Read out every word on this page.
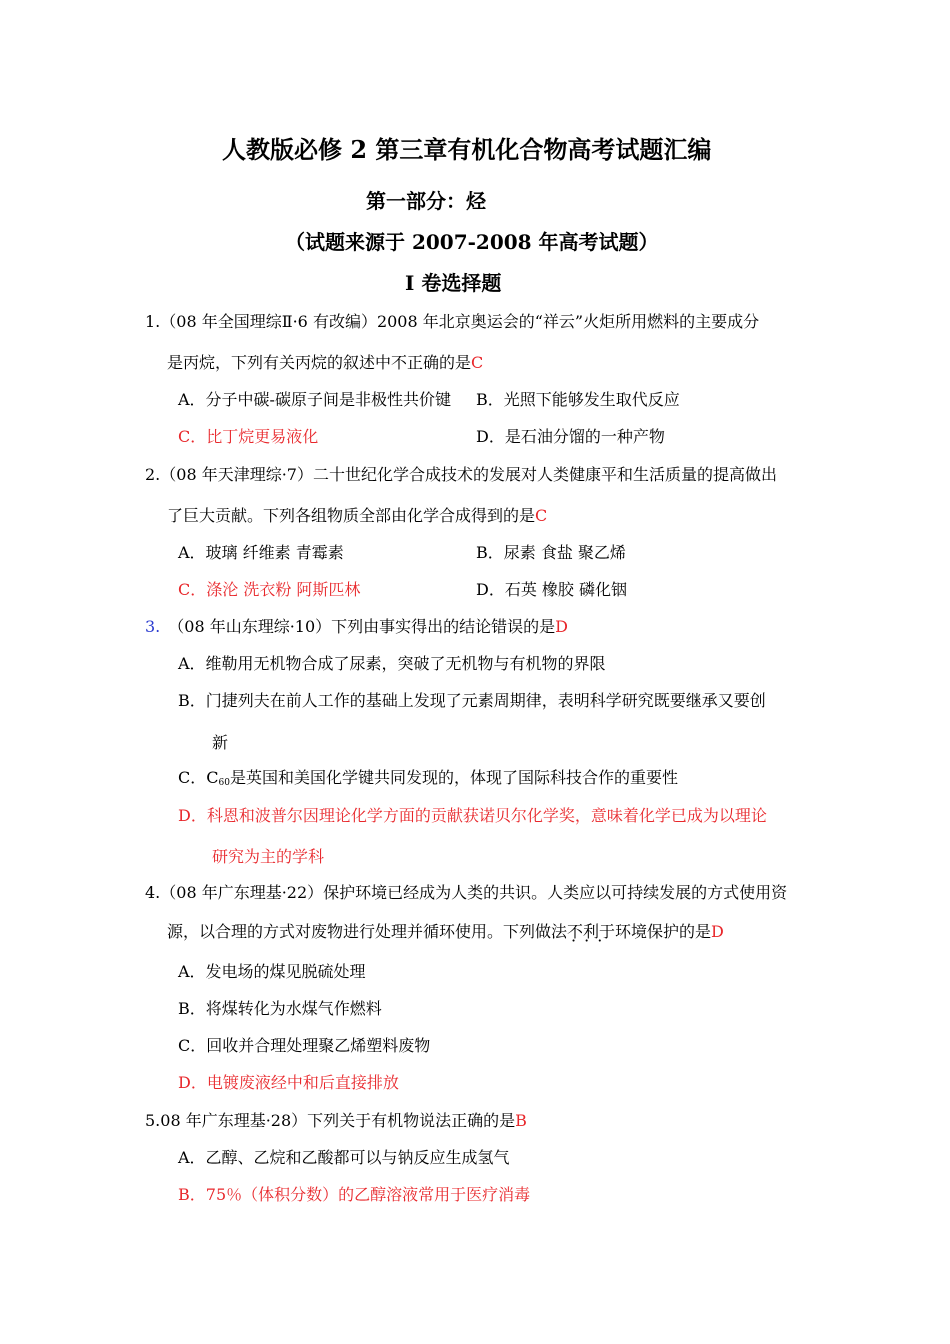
人教版必修 2 第三章有机化合物高考试题汇编
第一部分：烃
（试题来源于 2007-2008 年高考试题）
Ⅰ 卷选择题
1.（08 年全国理综Ⅱ·6 有改编）2008 年北京奥运会的“祥云”火炬所用燃料的主要成分
是丙烷，下列有关丙烷的叙述中不正确的是C
A．分子中碳-碳原子间是非极性共价键 B．光照下能够发生取代反应
C．比丁烷更易液化	D．是石油分馏的一种产物
2.（08 年天津理综·7）二十世纪化学合成技术的发展对人类健康平和生活质量的提高做出
了巨大贡献。下列各组物质全部由化学合成得到的是C
A．玻璃 纤维素 青霉素	B．尿素 食盐 聚乙烯
C．涤沦 洗衣粉 阿斯匹林	D．石英 橡胶 磷化铟
3. （08 年山东理综·10）下列由事实得出的结论错误的是D
A．维勒用无机物合成了尿素，突破了无机物与有机物的界限
B．门捷列夫在前人工作的基础上发现了元素周期律，表明科学研究既要继承又要创
新
C．$C_{60}$是英国和美国化学键共同发现的，体现了国际科技合作的重要性
D．科恩和波普尔因理论化学方面的贡献获诺贝尔化学奖，意味着化学已成为以理论
研究为主的学科
4.（08 年广东理基·22）保护环境已经成为人类的共识。人类应以可持续发展的方式使用资
源，以合理的方式对废物进行处理并循环使用。下列做法不利于 · · ·环境保护的是D
A．发电场的煤见脱硫处理
B．将煤转化为水煤气作燃料
C．回收并合理处理聚乙烯塑料废物
D．电镀废液经中和后直接排放
5.08 年广东理基·28）下列关于有机物说法正确的是B
A．乙醇、乙烷和乙酸都可以与钠反应生成氢气
B．75％（体积分数）的乙醇溶液常用于医疗消毒
